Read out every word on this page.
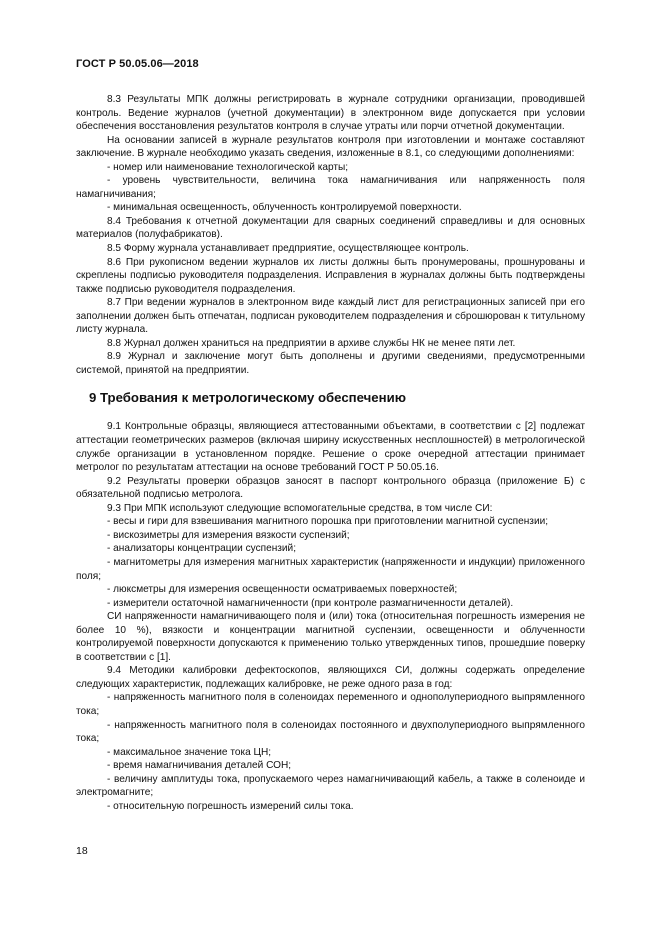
ГОСТ Р 50.05.06—2018

8.3 Результаты МПК должны регистрировать в журнале сотрудники организации, проводившей контроль. Ведение журналов (учетной документации) в электронном виде допускается при условии обеспечения восстановления результатов контроля в случае утраты или порчи отчетной документации.

На основании записей в журнале результатов контроля при изготовлении и монтаже составляют заключение. В журнале необходимо указать сведения, изложенные в 8.1, со следующими дополнениями:

- номер или наименование технологической карты;

- уровень чувствительности, величина тока намагничивания или напряженность поля намагничивания;

- минимальная освещенность, облученность контролируемой поверхности.

8.4 Требования к отчетной документации для сварных соединений справедливы и для основных материалов (полуфабрикатов).

8.5 Форму журнала устанавливает предприятие, осуществляющее контроль.

8.6 При рукописном ведении журналов их листы должны быть пронумерованы, прошнурованы и скреплены подписью руководителя подразделения. Исправления в журналах должны быть подтверждены также подписью руководителя подразделения.

8.7 При ведении журналов в электронном виде каждый лист для регистрационных записей при его заполнении должен быть отпечатан, подписан руководителем подразделения и сброшюрован к титульному листу журнала.

8.8 Журнал должен храниться на предприятии в архиве службы НК не менее пяти лет.

8.9 Журнал и заключение могут быть дополнены и другими сведениями, предусмотренными системой, принятой на предприятии.

9 Требования к метрологическому обеспечению

9.1 Контрольные образцы, являющиеся аттестованными объектами, в соответствии с [2] подлежат аттестации геометрических размеров (включая ширину искусственных несплошностей) в метрологической службе организации в установленном порядке. Решение о сроке очередной аттестации принимает метролог по результатам аттестации на основе требований ГОСТ Р 50.05.16.

9.2 Результаты проверки образцов заносят в паспорт контрольного образца (приложение Б) с обязательной подписью метролога.

9.3 При МПК используют следующие вспомогательные средства, в том числе СИ:

- весы и гири для взвешивания магнитного порошка при приготовлении магнитной суспензии;

- вискозиметры для измерения вязкости суспензий;

- анализаторы концентрации суспензий;

- магнитометры для измерения магнитных характеристик (напряженности и индукции) приложенного поля;

- люксметры для измерения освещенности осматриваемых поверхностей;

- измерители остаточной намагниченности (при контроле размагниченности деталей).

СИ напряженности намагничивающего поля и (или) тока (относительная погрешность измерения не более 10 %), вязкости и концентрации магнитной суспензии, освещенности и облученности контролируемой поверхности допускаются к применению только утвержденных типов, прошедшие поверку в соответствии с [1].

9.4 Методики калибровки дефектоскопов, являющихся СИ, должны содержать определение следующих характеристик, подлежащих калибровке, не реже одного раза в год:

- напряженность магнитного поля в соленоидах переменного и однополупериодного выпрямленного тока;

- напряженность магнитного поля в соленоидах постоянного и двухполупериодного выпрямленного тока;

- максимальное значение тока ЦН;

- время намагничивания деталей СОН;

- величину амплитуды тока, пропускаемого через намагничивающий кабель, а также в соленоиде и электромагните;

- относительную погрешность измерений силы тока.

18
